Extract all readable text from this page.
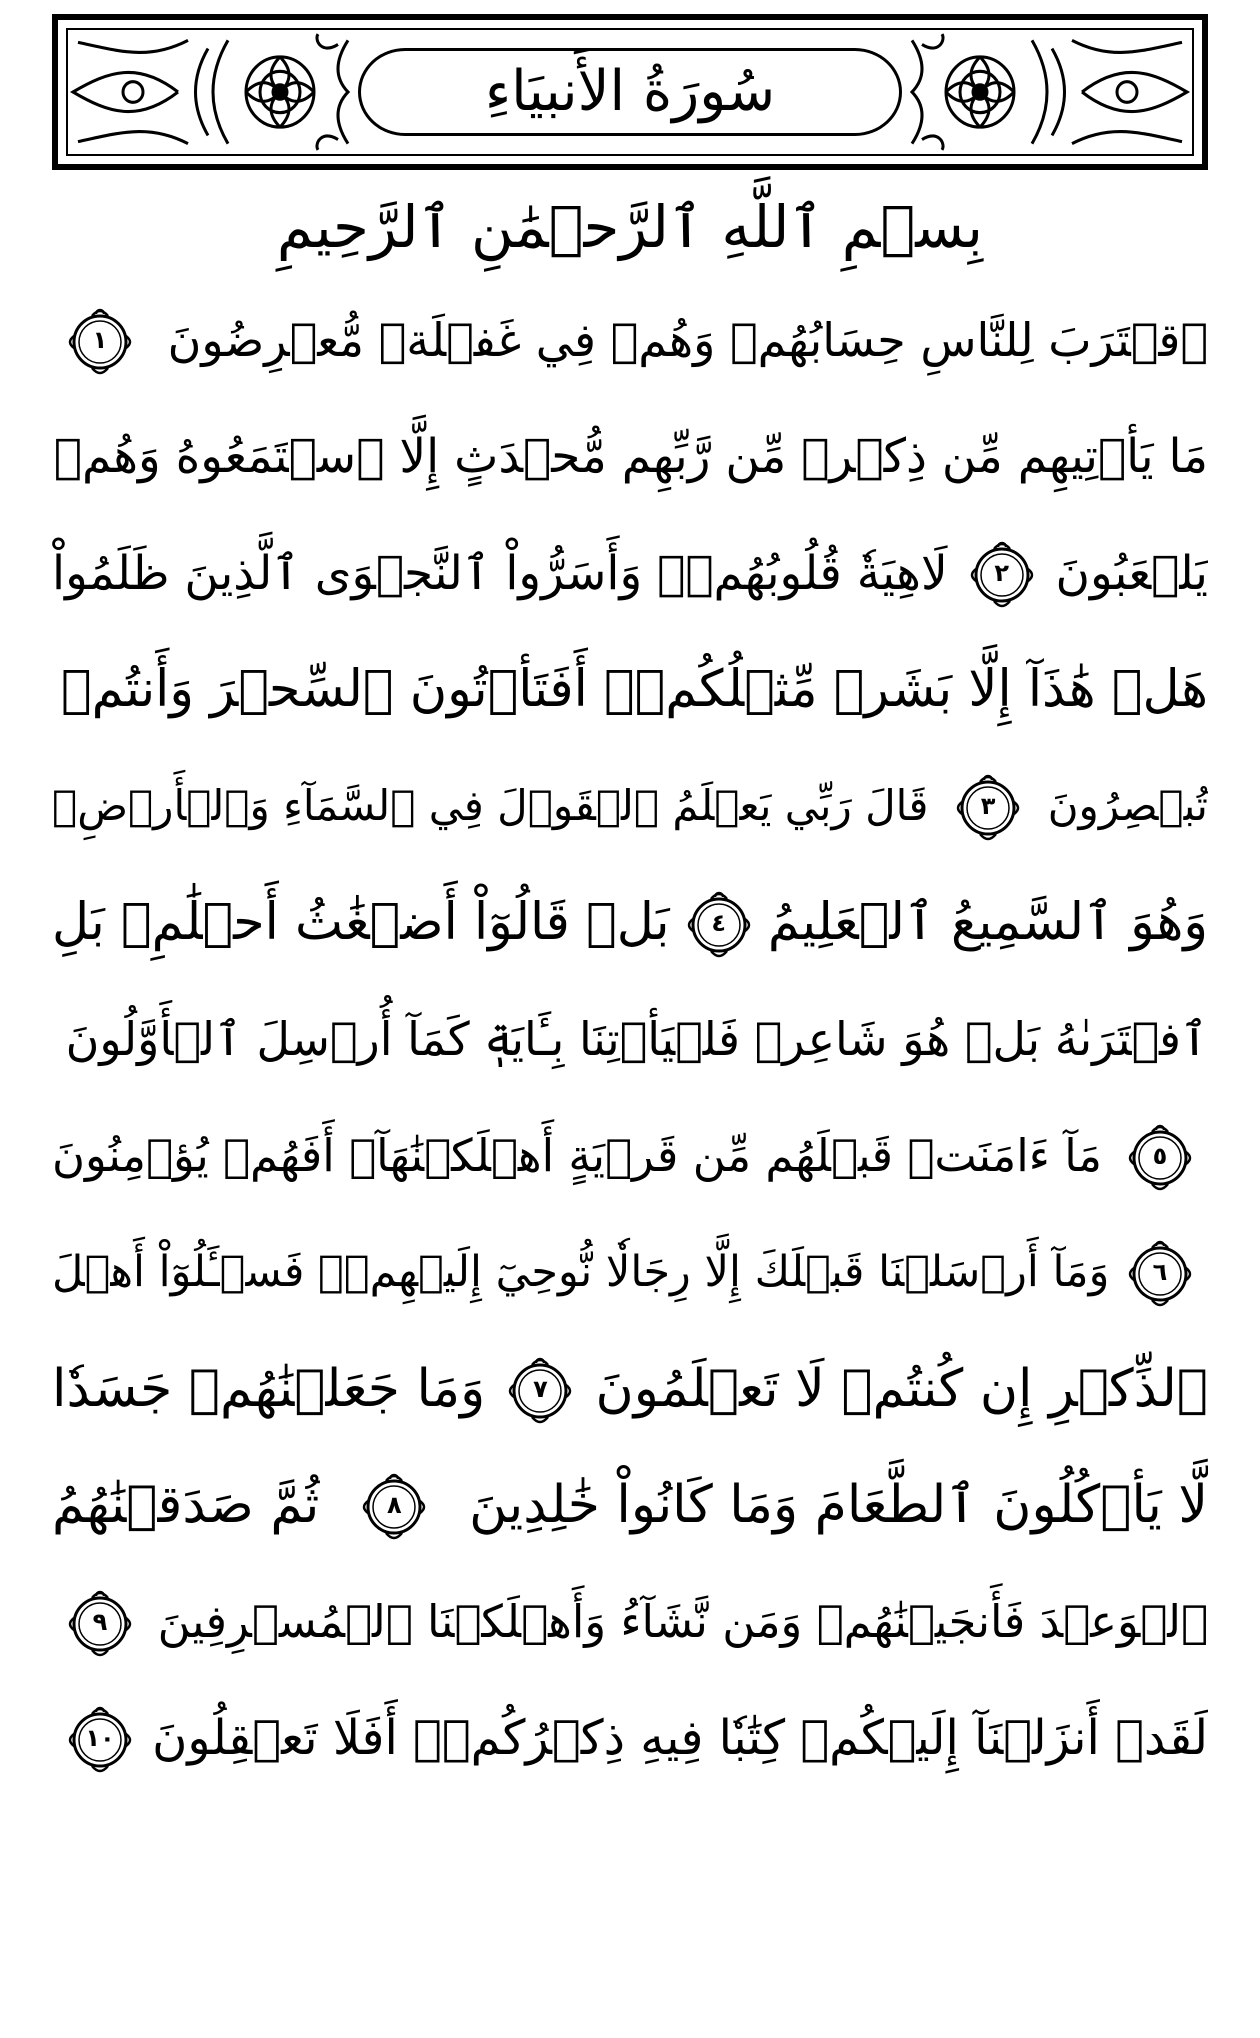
سُورَةُ الأَنبيَاءِ
بِسۡمِ ٱللَّهِ ٱلرَّحۡمَٰنِ ٱلرَّحِيمِ
ٱقۡتَرَبَ لِلنَّاسِ حِسَابُهُمۡ وَهُمۡ فِي غَفۡلَةٖ مُّعۡرِضُونَ
١
مَا يَأۡتِيهِم مِّن ذِكۡرٖ مِّن رَّبِّهِم مُّحۡدَثٍ إِلَّا ٱسۡتَمَعُوهُ وَهُمۡ
يَلۡعَبُونَ
٢
لَاهِيَةٗ قُلُوبُهُمۡۗ وَأَسَرُّواْ ٱلنَّجۡوَى ٱلَّذِينَ ظَلَمُواْ
هَلۡ هَٰذَآ إِلَّا بَشَرٞ مِّثۡلُكُمۡۖ أَفَتَأۡتُونَ ٱلسِّحۡرَ وَأَنتُمۡ
تُبۡصِرُونَ
٣
قَالَ رَبِّي يَعۡلَمُ ٱلۡقَوۡلَ فِي ٱلسَّمَآءِ وَٱلۡأَرۡضِۖ
وَهُوَ ٱلسَّمِيعُ ٱلۡعَلِيمُ
٤
بَلۡ قَالُوٓاْ أَضۡغَٰثُ أَحۡلَٰمِۭ بَلِ
ٱفۡتَرَىٰهُ بَلۡ هُوَ شَاعِرٞ فَلۡيَأۡتِنَا بِـَٔايَةٖ كَمَآ أُرۡسِلَ ٱلۡأَوَّلُونَ
٥
مَآ ءَامَنَتۡ قَبۡلَهُم مِّن قَرۡيَةٍ أَهۡلَكۡنَٰهَآۖ أَفَهُمۡ يُؤۡمِنُونَ
٦
وَمَآ أَرۡسَلۡنَا قَبۡلَكَ إِلَّا رِجَالٗا نُّوحِيٓ إِلَيۡهِمۡۖ فَسۡـَٔلُوٓاْ أَهۡلَ
ٱلذِّكۡرِ إِن كُنتُمۡ لَا تَعۡلَمُونَ
٧
وَمَا جَعَلۡنَٰهُمۡ جَسَدٗا
لَّا يَأۡكُلُونَ ٱلطَّعَامَ وَمَا كَانُواْ خَٰلِدِينَ
٨
ثُمَّ صَدَقۡنَٰهُمُ
ٱلۡوَعۡدَ فَأَنجَيۡنَٰهُمۡ وَمَن نَّشَآءُ وَأَهۡلَكۡنَا ٱلۡمُسۡرِفِينَ
٩
لَقَدۡ أَنزَلۡنَآ إِلَيۡكُمۡ كِتَٰبٗا فِيهِ ذِكۡرُكُمۡۚ أَفَلَا تَعۡقِلُونَ
١٠
